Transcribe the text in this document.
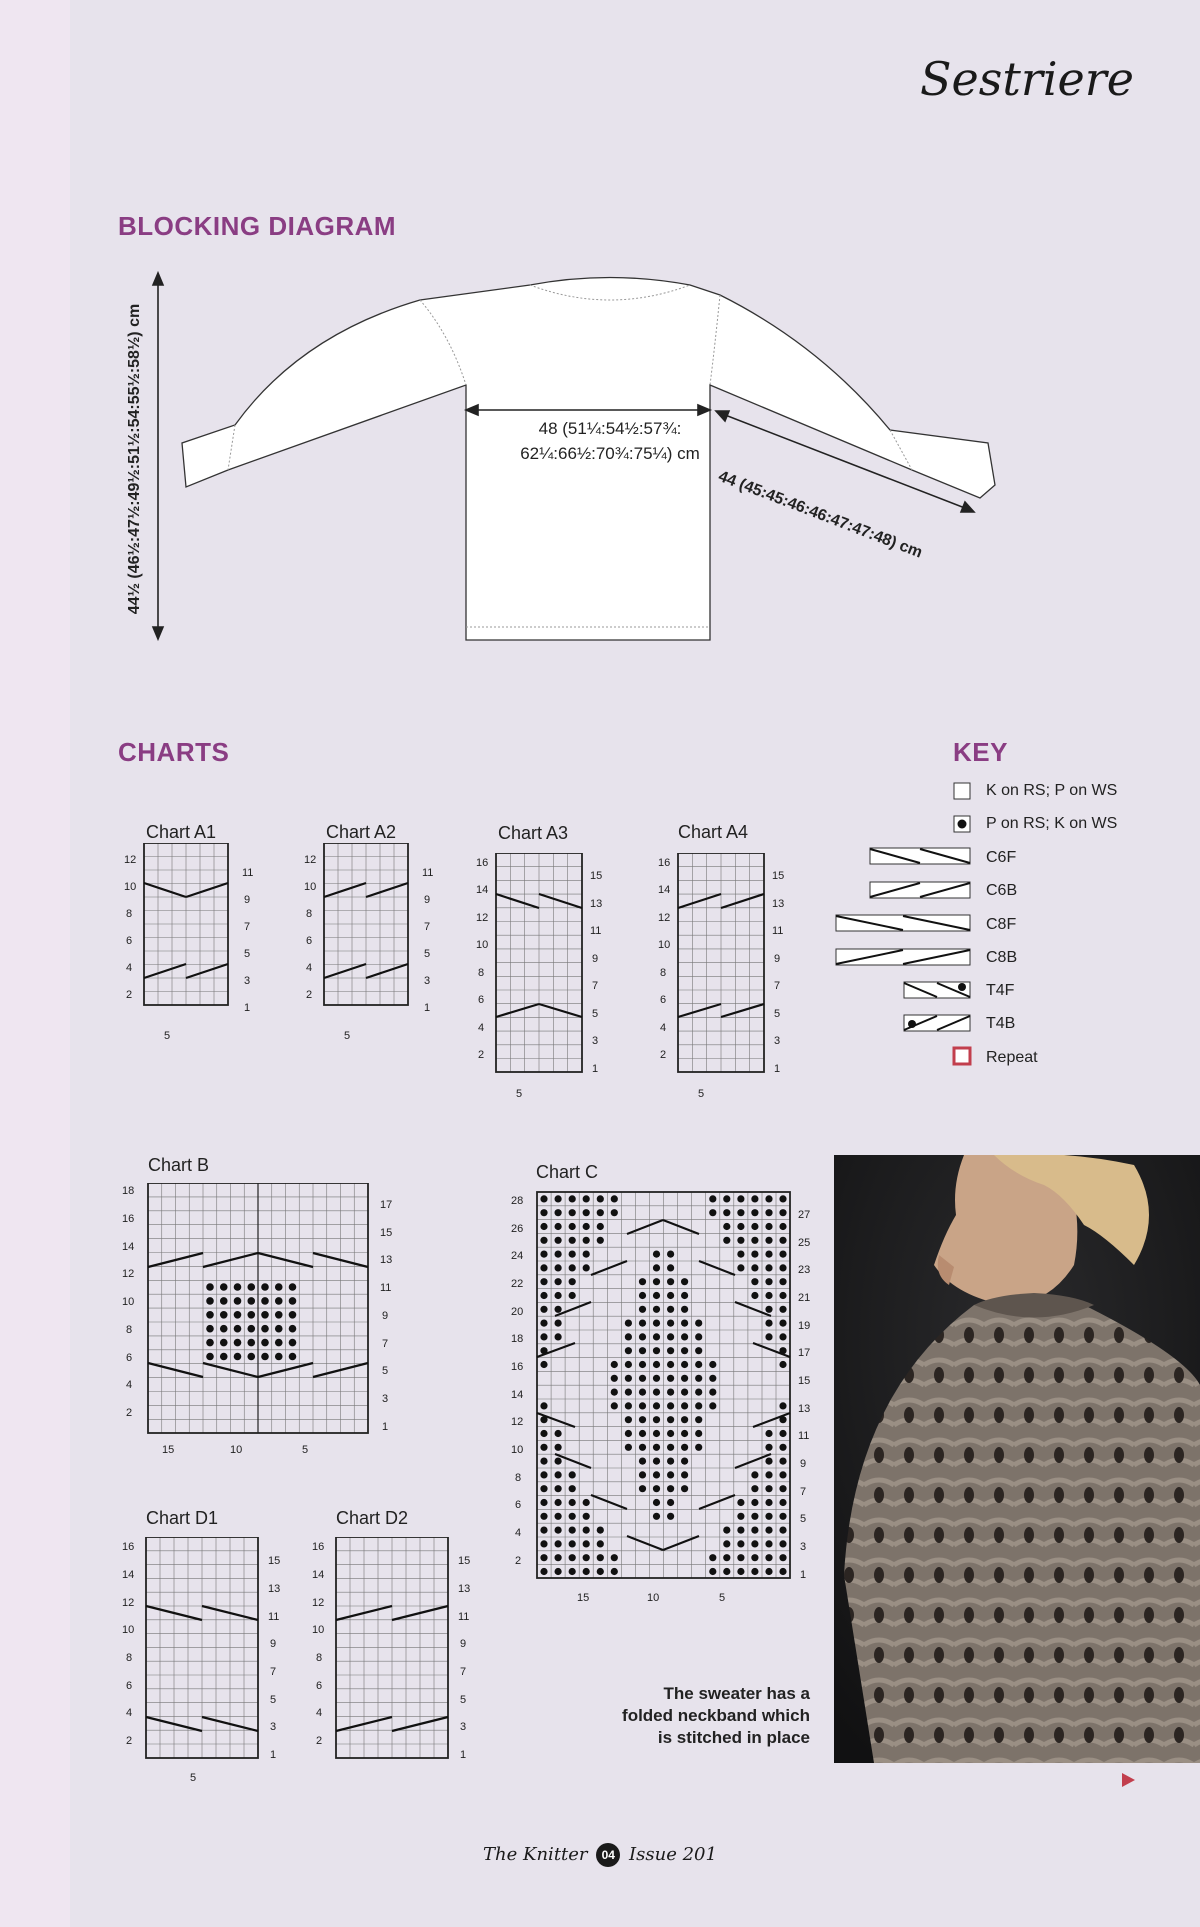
Sestriere
BLOCKING DIAGRAM
44½ (46½:47½:49½:51½:54:55½:58½) cm	48 (51¼:54½:57¾:
62¼:66½:70¾:75¼) cm
44 (45:45:46:46:47:47:48) cm
CHARTS
Chart A1
12
10
8
6
4
2
11
9
7
5
3
1
5
Chart A2
12
10
8
6
4
2
11
9
7
5
3
1
5
Chart A3
16
14
12
10
8
6
4
2
15
13
11
9
7
5
3
1
5
Chart A4
16
14
12
10
8
6
4
2
15
13
11
9
7
5
3
1
5
KEY
K on RS; P on WS
P on RS; K on WS
C6F
C6B
C8F
C8B
T4F
T4B
Repeat
Chart B
18
16
14
12
10
8
6
4
2
17
15
13
11
9
7
5
3
1
15	10	5
Chart C
28
26
24
22
20
18
16
14
12
10
8
6
4
2
27
25
23
21
19
17
15
13
11
9
7
5
3
1
15	10	5
Chart D1
16
14
12
10
8
6
4
2
15
13
11
9
7
5
3
1
5
Chart D2
16
14
12
10
8
6
4
2
15
13
11
9
7
5
3
1
The sweater has a
folded neckband which
is stitched in place
The Knitter 04 Issue 201
